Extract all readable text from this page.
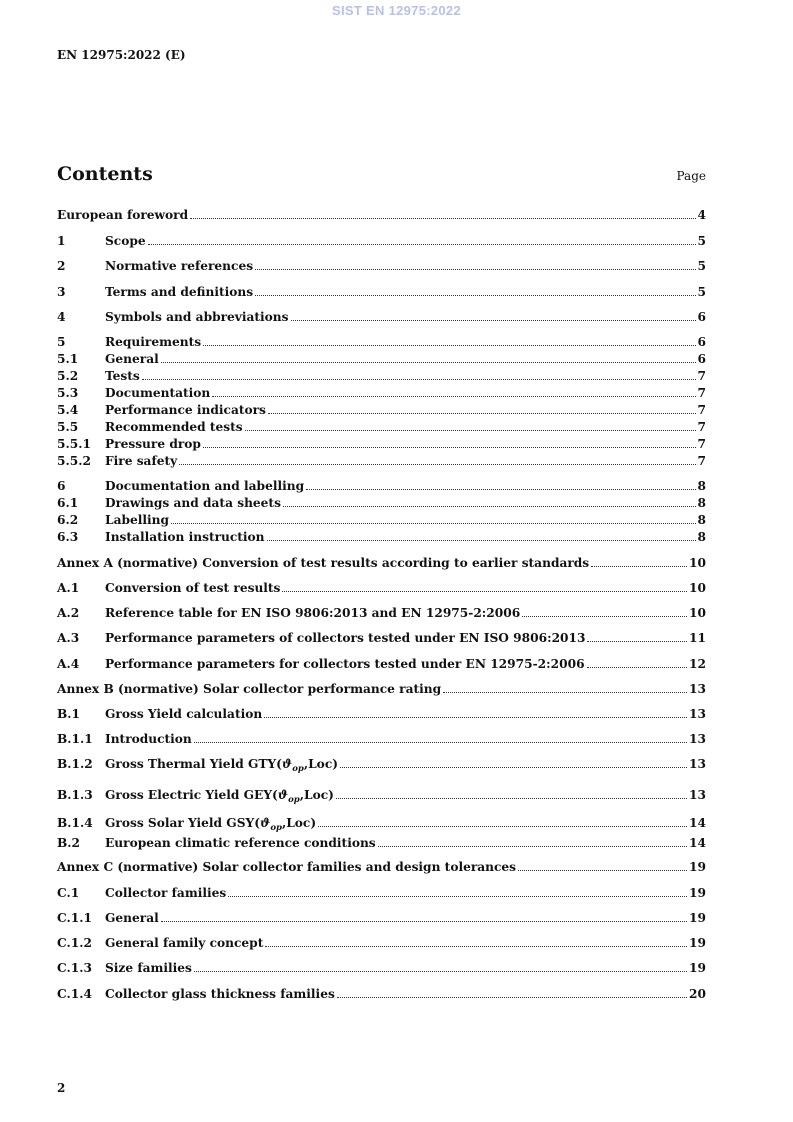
SIST EN 12975:2022
EN 12975:2022 (E)
Contents	Page
European foreword	4
1	Scope	5
2	Normative references	5
3	Terms and definitions	5
4	Symbols and abbreviations	6
5	Requirements	6
5.1	General	6
5.2	Tests	7
5.3	Documentation	7
5.4	Performance indicators	7
5.5	Recommended tests	7
5.5.1	Pressure drop	7
5.5.2	Fire safety	7
6	Documentation and labelling	8
6.1	Drawings and data sheets	8
6.2	Labelling	8
6.3	Installation instruction	8
Annex A (normative) Conversion of test results according to earlier standards	10
A.1	Conversion of test results	10
A.2	Reference table for EN ISO 9806:2013 and EN 12975-2:2006	10
A.3	Performance parameters of collectors tested under EN ISO 9806:2013	11
A.4	Performance parameters for collectors tested under EN 12975-2:2006	12
Annex B (normative) Solar collector performance rating	13
B.1	Gross Yield calculation	13
B.1.1	Introduction	13
B.1.2	Gross Thermal Yield $GTY(ϑ_{op},Loc)$	13
B.1.3	Gross Electric Yield $GEY(ϑ_{op},Loc)$	13
B.1.4	Gross Solar Yield $GSY(ϑ_{op},Loc)$	14
B.2	European climatic reference conditions	14
Annex C (normative) Solar collector families and design tolerances	19
C.1	Collector families	19
C.1.1	General	19
C.1.2	General family concept	19
C.1.3	Size families	19
C.1.4	Collector glass thickness families	20
2
